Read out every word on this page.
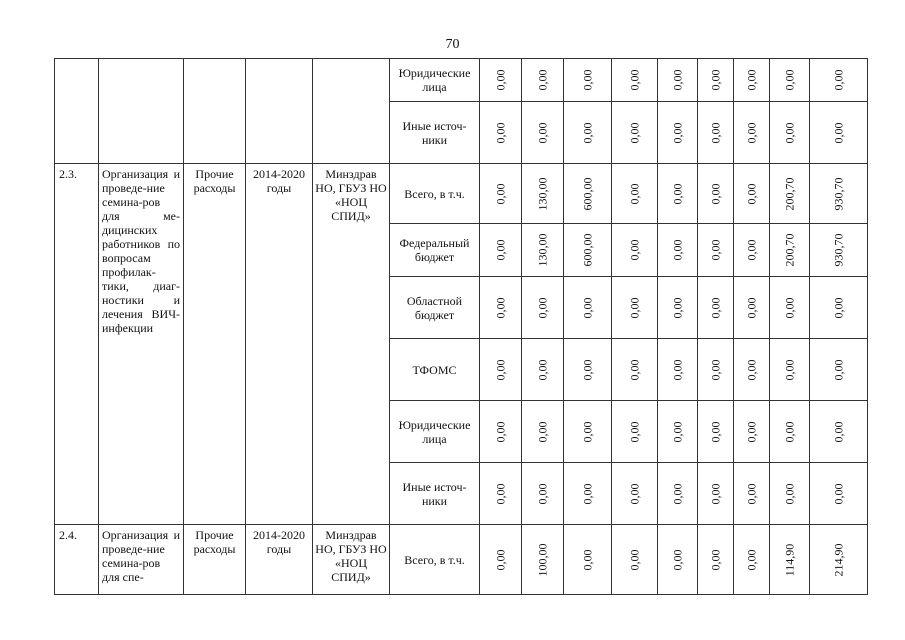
70
					Юридические лица	0,00	0,00	0,00	0,00	0,00	0,00	0,00	0,00	0,00
					Иные источ-ники	0,00	0,00	0,00	0,00	0,00	0,00	0,00	0,00	0,00
2.3.	Организация и проведе-ние семина-ров для ме-дицинских работников по вопросам профилак-тики, диаг-ностики и лечения ВИЧ-инфекции	Прочие расходы	2014-2020 годы	Минздрав НО, ГБУЗ НО «НОЦ СПИД»	Всего, в т.ч.	0,00	130,00	600,00	0,00	0,00	0,00	0,00	200,70	930,70
					Федеральный бюджет	0,00	130,00	600,00	0,00	0,00	0,00	0,00	200,70	930,70
					Областной бюджет	0,00	0,00	0,00	0,00	0,00	0,00	0,00	0,00	0,00
					ТФОМС	0,00	0,00	0,00	0,00	0,00	0,00	0,00	0,00	0,00
					Юридические лица	0,00	0,00	0,00	0,00	0,00	0,00	0,00	0,00	0,00
					Иные источ-ники	0,00	0,00	0,00	0,00	0,00	0,00	0,00	0,00	0,00
2.4.	Организация и проведе-ние семина-ров для спе-	Прочие расходы	2014-2020 годы	Минздрав НО, ГБУЗ НО «НОЦ СПИД»	Всего, в т.ч.	0,00	100,00	0,00	0,00	0,00	0,00	0,00	114,90	214,90
